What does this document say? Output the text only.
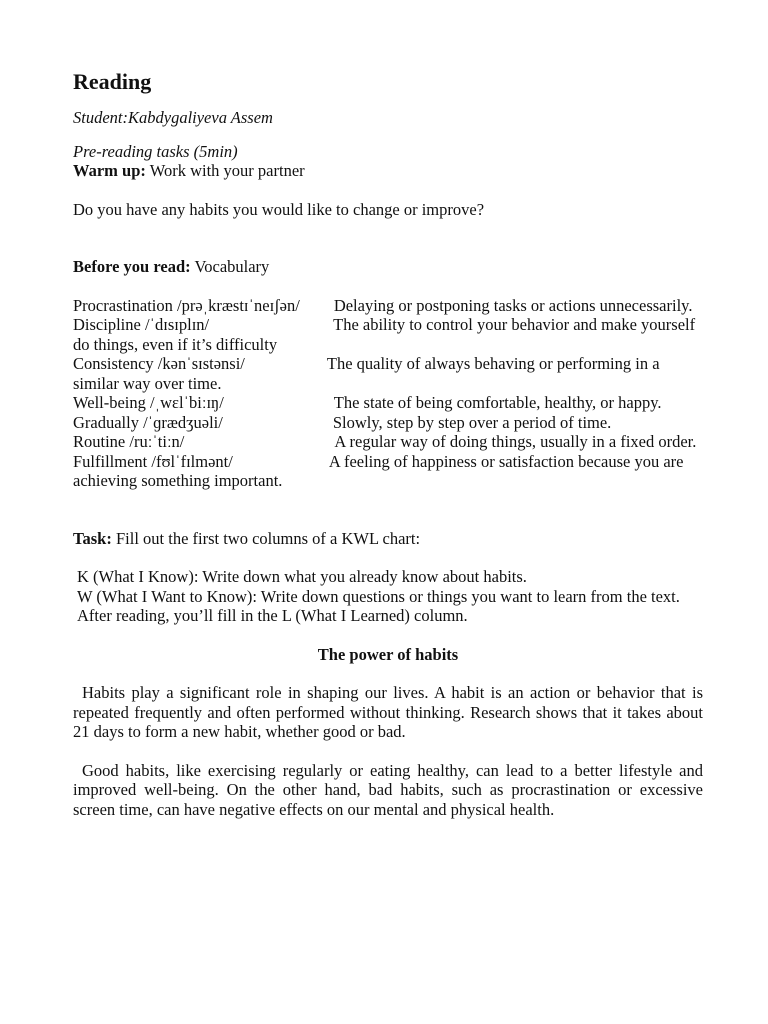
Reading

Student:Kabdygaliyeva Assem

Pre-reading tasks (5min)

Warm up: Work with your partner

Do you have any habits you would like to change or improve?

Before you read: Vocabulary

Procrastination /prəˌkræstɪˈneɪʃən/ Delaying or postponing tasks or actions unnecessarily.

Discipline /ˈdɪsɪplɪn/	The ability to control your behavior and make yourself do things, even if it’s difficulty

Consistency /kənˈsɪstənsi/	The quality of always behaving or performing in a similar way over time.

Well-being /ˌwɛlˈbiːɪŋ/	The state of being comfortable, healthy, or happy.

Gradually /ˈɡrædʒuəli/	Slowly, step by step over a period of time.

Routine /ruːˈtiːn/	A regular way of doing things, usually in a fixed order.

Fulfillment /fʊlˈfɪlmənt/	A feeling of happiness or satisfaction because you are achieving something important.

Task: Fill out the first two columns of a KWL chart:

K (What I Know): Write down what you already know about habits.

W (What I Want to Know): Write down questions or things you want to learn from the text.

After reading, you’ll fill in the L (What I Learned) column.

The power of habits

Habits play a significant role in shaping our lives. A habit is an action or behavior that is repeated frequently and often performed without thinking. Research shows that it takes about 21 days to form a new habit, whether good or bad.

Good habits, like exercising regularly or eating healthy, can lead to a better lifestyle and improved well-being. On the other hand, bad habits, such as procrastination or excessive screen time, can have negative effects on our mental and physical health.
